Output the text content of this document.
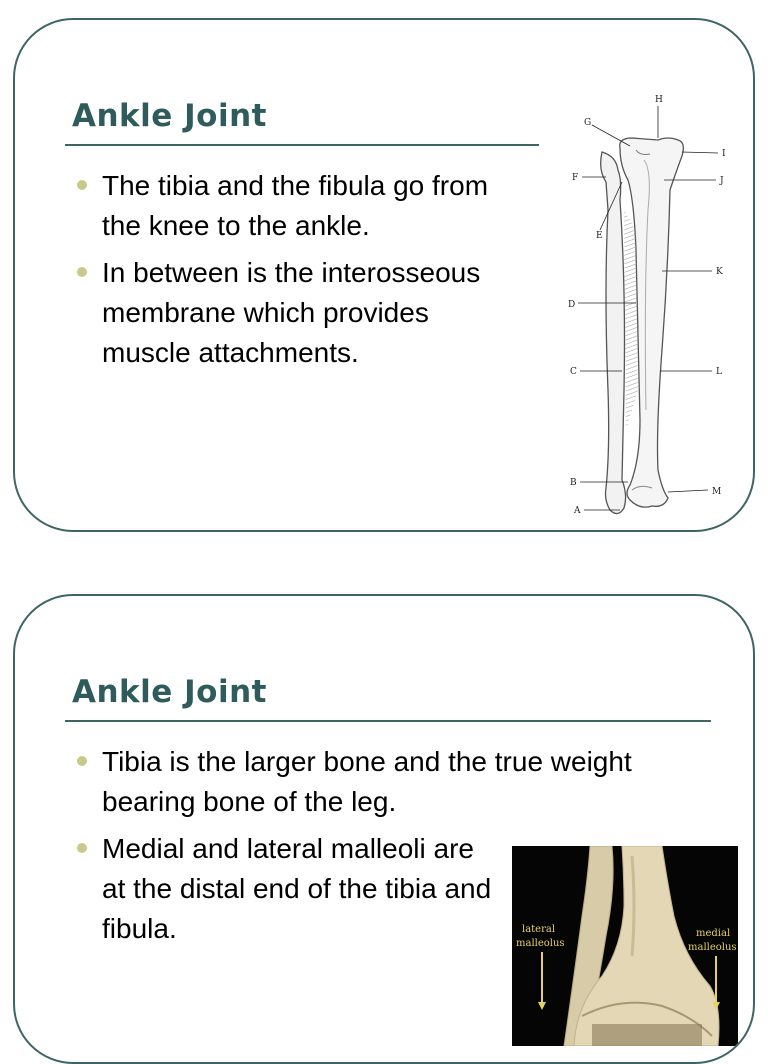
Ankle Joint
The tibia and the fibula go from the knee to the ankle.
In between is the interosseous membrane which provides muscle attachments.
H
G
I
F	J
E
K
D
C	L
B
M
A
Ankle Joint
Tibia is the larger bone and the true weight bearing bone of the leg.
Medial and lateral malleoli are at the distal end of the tibia and fibula.	lateral
malleolus
medial
malleolus
